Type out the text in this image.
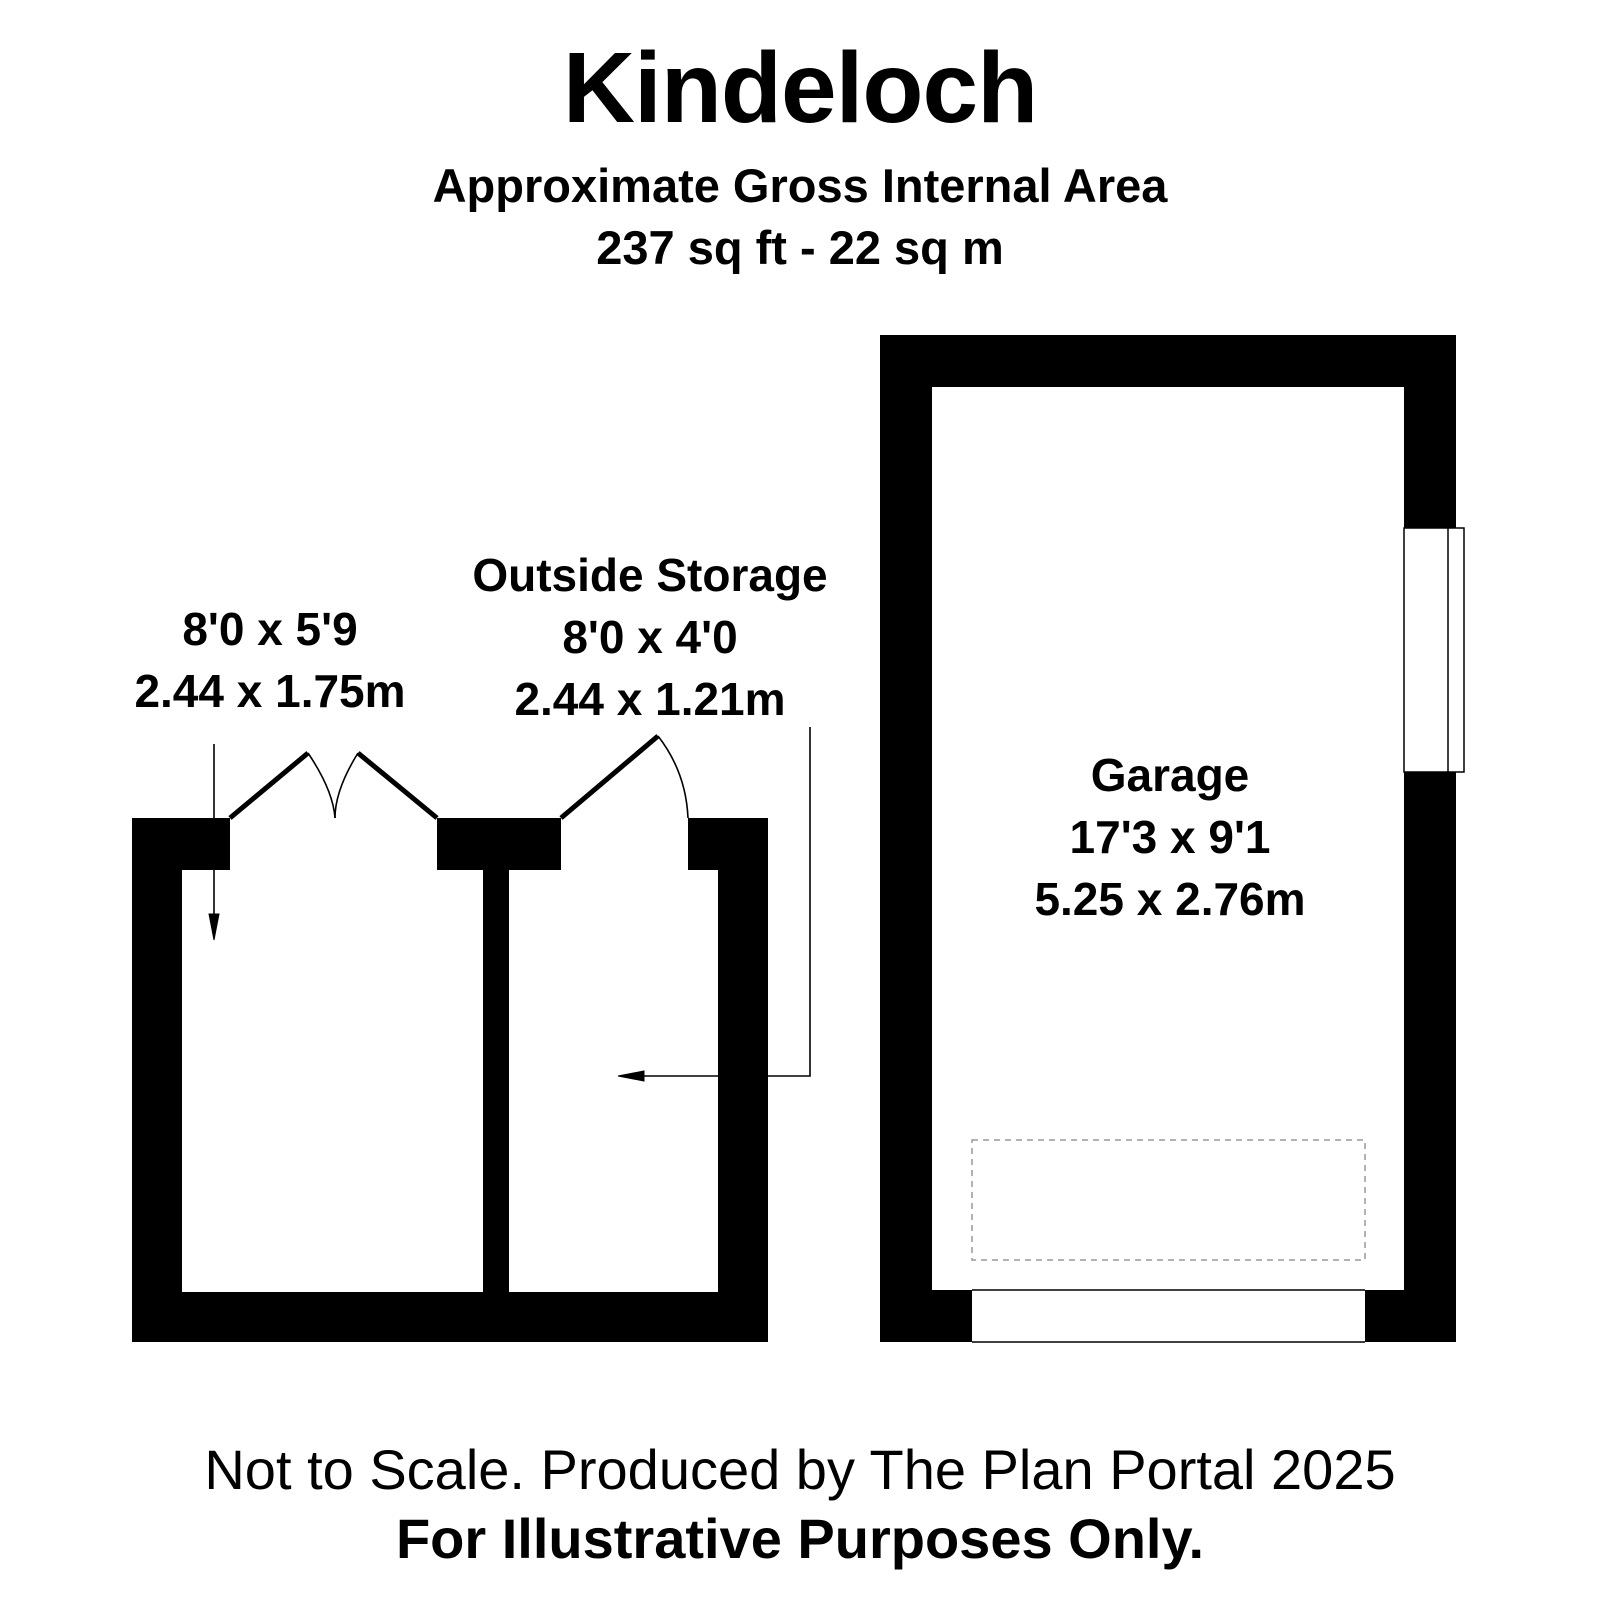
Kindeloch
Approximate Gross Internal Area
237 sq ft - 22 sq m
8'0 x 5'9
2.44 x 1.75m
Outside Storage
8'0 x 4'0
2.44 x 1.21m
Garage
17'3 x 9'1
5.25 x 2.76m
Not to Scale. Produced by The Plan Portal 2025
For Illustrative Purposes Only.
